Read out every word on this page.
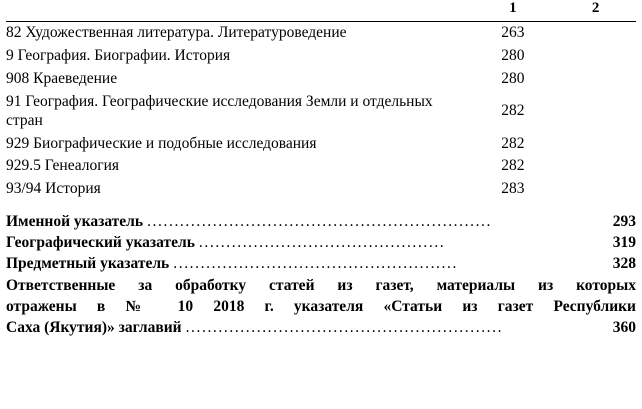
	1	2
82 Художественная литература. Литературоведение	263	
9 География. Биографии. История	280	
908 Краеведение	280	
91 География. Географические исследования Земли и отдельных стран	282	
929 Биографические и подобные исследования	282	
929.5 Генеалогия	282	
93/94 История	283	
Именной указатель ...............................................................	293
Географический указатель .............................................	319
Предметный указатель ....................................................	328
Ответственные за обработку статей из газет, материалы из которых
отражены в № 10 2018 г. указателя «Статьи из газет Республики
Саха (Якутия)» заглавий ..........................................................	360
